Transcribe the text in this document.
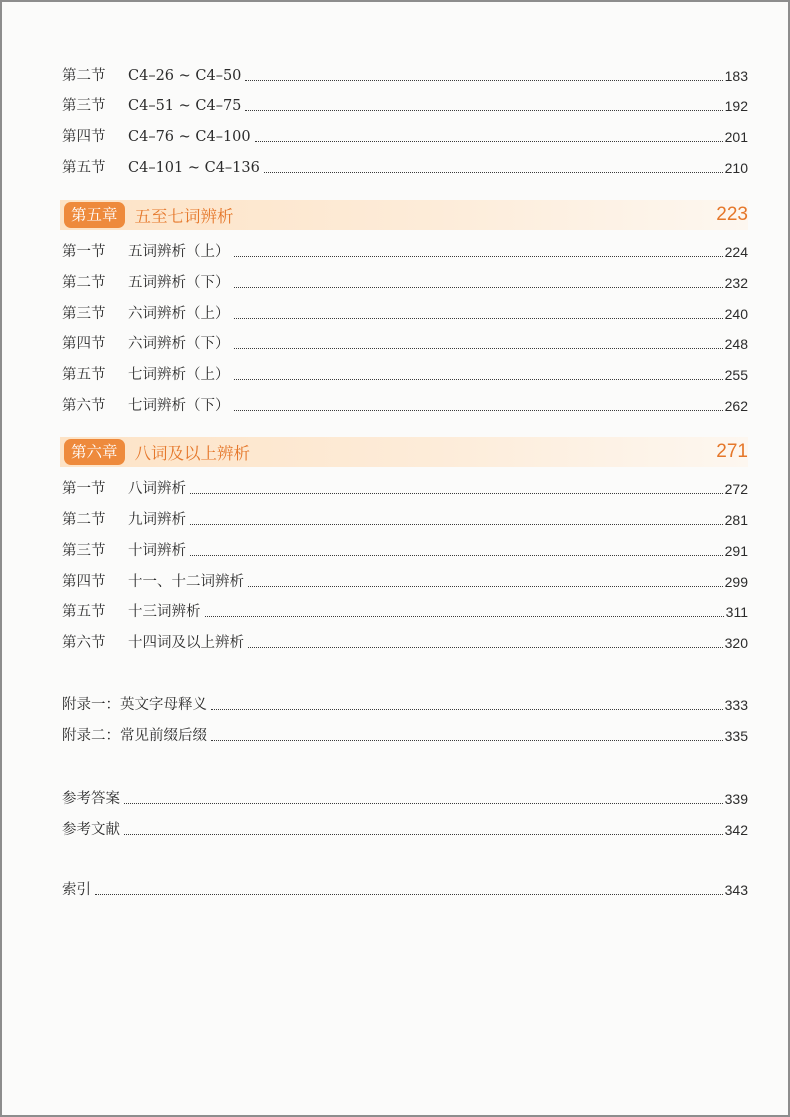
第二节	C4–26 ~ C4–50	183
第三节	C4–51 ~ C4–75	192
第四节	C4–76 ~ C4–100	201
第五节	C4–101 ~ C4–136	210
第五章	五至七词辨析	223
第一节	五词辨析（上）	224
第二节	五词辨析（下）	232
第三节	六词辨析（上）	240
第四节	六词辨析（下）	248
第五节	七词辨析（上）	255
第六节	七词辨析（下）	262
第六章	八词及以上辨析	271
第一节	八词辨析	272
第二节	九词辨析	281
第三节	十词辨析	291
第四节	十一、十二词辨析	299
第五节	十三词辨析	311
第六节	十四词及以上辨析	320
附录一：英文字母释义	333
附录二：常见前缀后缀	335
参考答案	339
参考文献	342
索引	343
